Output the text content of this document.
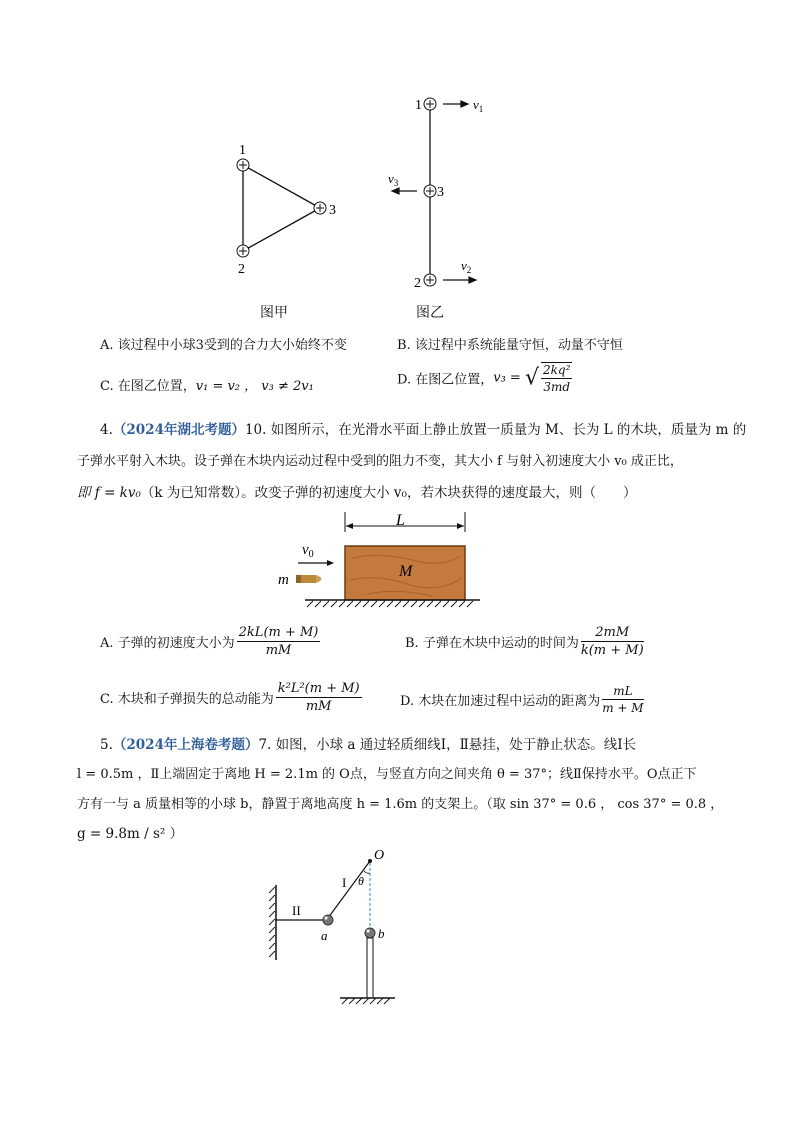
1
2
3
图甲
1
3
2
$v_1$
$v_3$
$v_2$
图乙
A. 该过程中小球3受到的合力大小始终不变	B. 该过程中系统能量守恒，动量不守恒
C. 在图乙位置，v₁ = v₂ ， v₃ ≠ 2v₁	D. 在图乙位置，v₃ = √ $\frac{\text{2kq²}}{3md}$
4.（2024年湖北考题）10. 如图所示，在光滑水平面上静止放置一质量为 M、长为 L 的木块，质量为 m 的
子弹水平射入木块。设子弹在木块内运动过程中受到的阻力不变，其大小 f 与射入初速度大小 v₀ 成正比，
即 f = kv₀（k 为已知常数）。改变子弹的初速度大小 v₀，若木块获得的速度最大，则（　　）
L
M
m
$v_0$
A. 子弹的初速度大小为 $\frac{2kL(m + M)}{mM}$	B. 子弹在木块中运动的时间为 $\frac{2mM}{k(m + M)}$
C. 木块和子弹损失的总动能为 $\frac{\text{k²L²(m + M)}}{mM}$	D. 木块在加速过程中运动的距离为 $\frac{mL}{m + M}$
5.（2024年上海卷考题）7. 如图，小球 a 通过轻质细线Ⅰ，Ⅱ悬挂，处于静止状态。线Ⅰ长
l = 0.5m ，Ⅱ上端固定于离地 H = 2.1m 的 O点，与竖直方向之间夹角 θ = 37°；线Ⅱ保持水平。O点正下
方有一与 a 质量相等的小球 b，静置于离地高度 h = 1.6m 的支架上。（取 sin 37° = 0.6 ， cos 37° = 0.8 ，
g = 9.8m / s² ）
II
I
O
θ
a	b
